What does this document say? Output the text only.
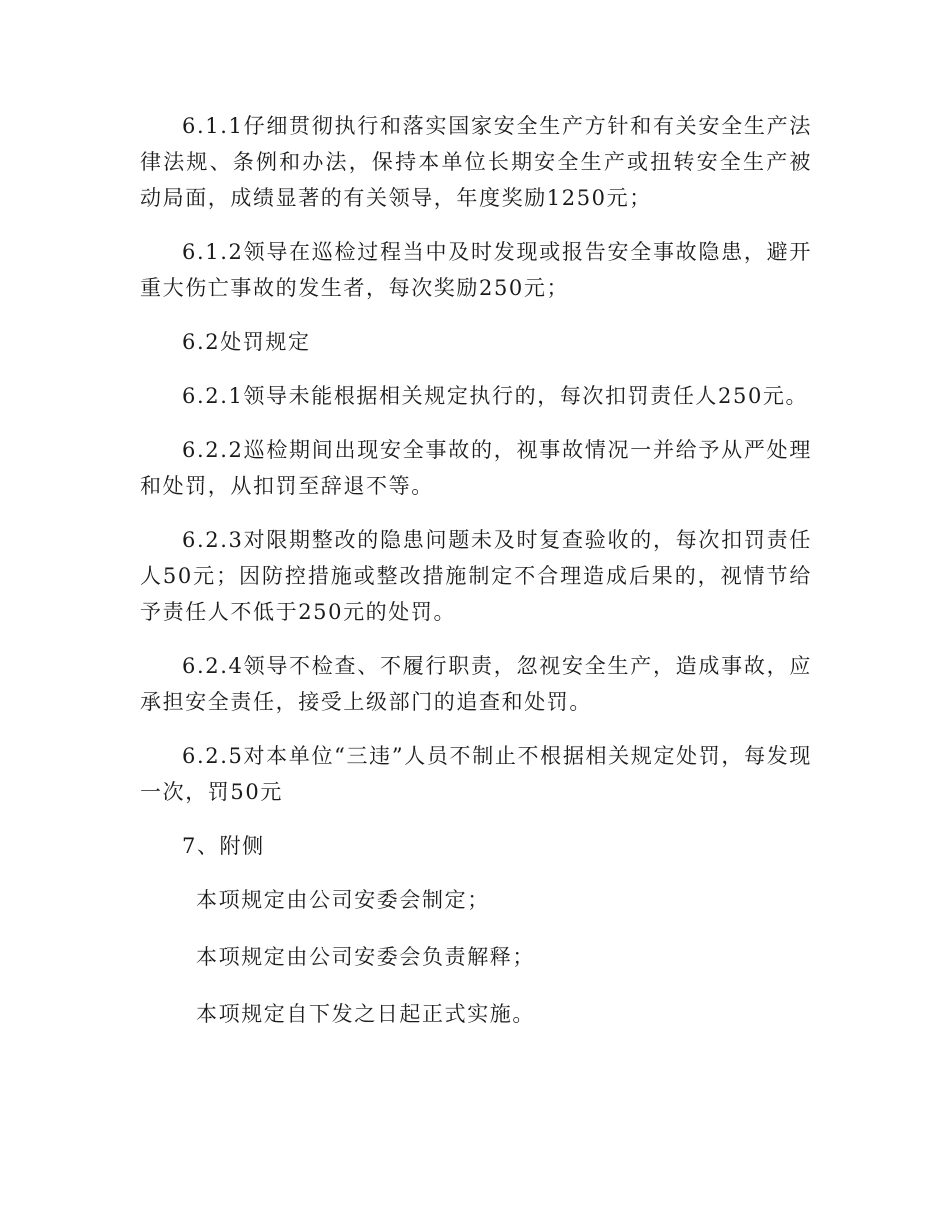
6.1.1仔细贯彻执行和落实国家安全生产方针和有关安全生产法律法规、条例和办法，保持本单位长期安全生产或扭转安全生产被动局面，成绩显著的有关领导，年度奖励1250元；

6.1.2领导在巡检过程当中及时发现或报告安全事故隐患，避开重大伤亡事故的发生者，每次奖励250元；

6.2处罚规定

6.2.1领导未能根据相关规定执行的，每次扣罚责任人250元。

6.2.2巡检期间出现安全事故的，视事故情况一并给予从严处理和处罚，从扣罚至辞退不等。

6.2.3对限期整改的隐患问题未及时复查验收的，每次扣罚责任人50元；因防控措施或整改措施制定不合理造成后果的，视情节给予责任人不低于250元的处罚。

6.2.4领导不检查、不履行职责，忽视安全生产，造成事故，应承担安全责任，接受上级部门的追查和处罚。

6.2.5对本单位“三违”人员不制止不根据相关规定处罚，每发现一次，罚50元

7、附侧

本项规定由公司安委会制定；

本项规定由公司安委会负责解释；

本项规定自下发之日起正式实施。
